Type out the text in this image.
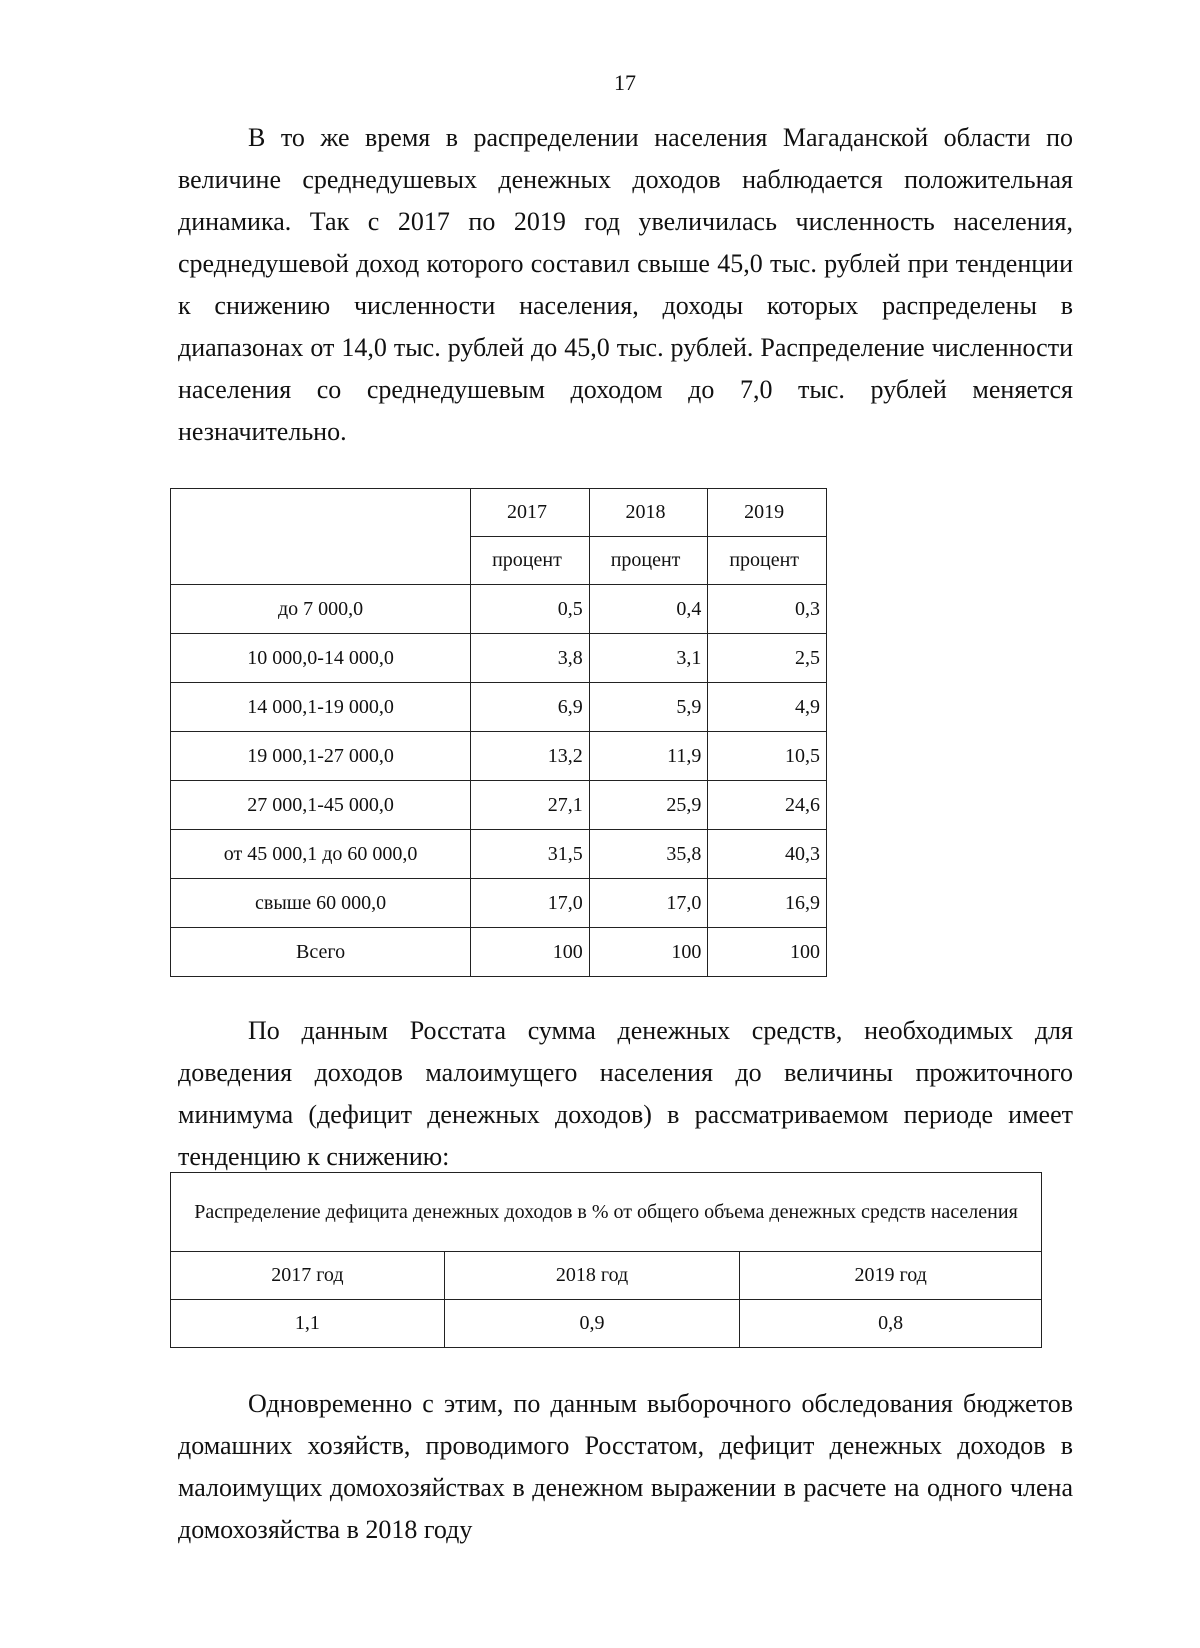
17

В то же время в распределении населения Магаданской области по величине среднедушевых денежных доходов наблюдается положительная динамика. Так с 2017 по 2019 год увеличилась численность населения, среднедушевой доход которого составил свыше 45,0 тыс. рублей при тенденции к снижению численности населения, доходы которых распределены в диапазонах от 14,0 тыс. рублей до 45,0 тыс. рублей. Распределение численности населения со среднедушевым доходом до 7,0 тыс. рублей меняется незначительно.

	2017	2018	2019
	процент	процент	процент
до 7 000,0	0,5	0,4	0,3
10 000,0-14 000,0	3,8	3,1	2,5
14 000,1-19 000,0	6,9	5,9	4,9
19 000,1-27 000,0	13,2	11,9	10,5
27 000,1-45 000,0	27,1	25,9	24,6
от 45 000,1 до 60 000,0	31,5	35,8	40,3
свыше 60 000,0	17,0	17,0	16,9
Всего	100	100	100

По данным Росстата сумма денежных средств, необходимых для доведения доходов малоимущего населения до величины прожиточного минимума (дефицит денежных доходов) в рассматриваемом периоде имеет тенденцию к снижению:

Распределение дефицита денежных доходов в % от общего объема денежных средств населения		
2017 год	2018 год	2019 год
1,1	0,9	0,8

Одновременно с этим, по данным выборочного обследования бюджетов домашних хозяйств, проводимого Росстатом, дефицит денежных доходов в малоимущих домохозяйствах в денежном выражении в расчете на одного члена домохозяйства в 2018 году
